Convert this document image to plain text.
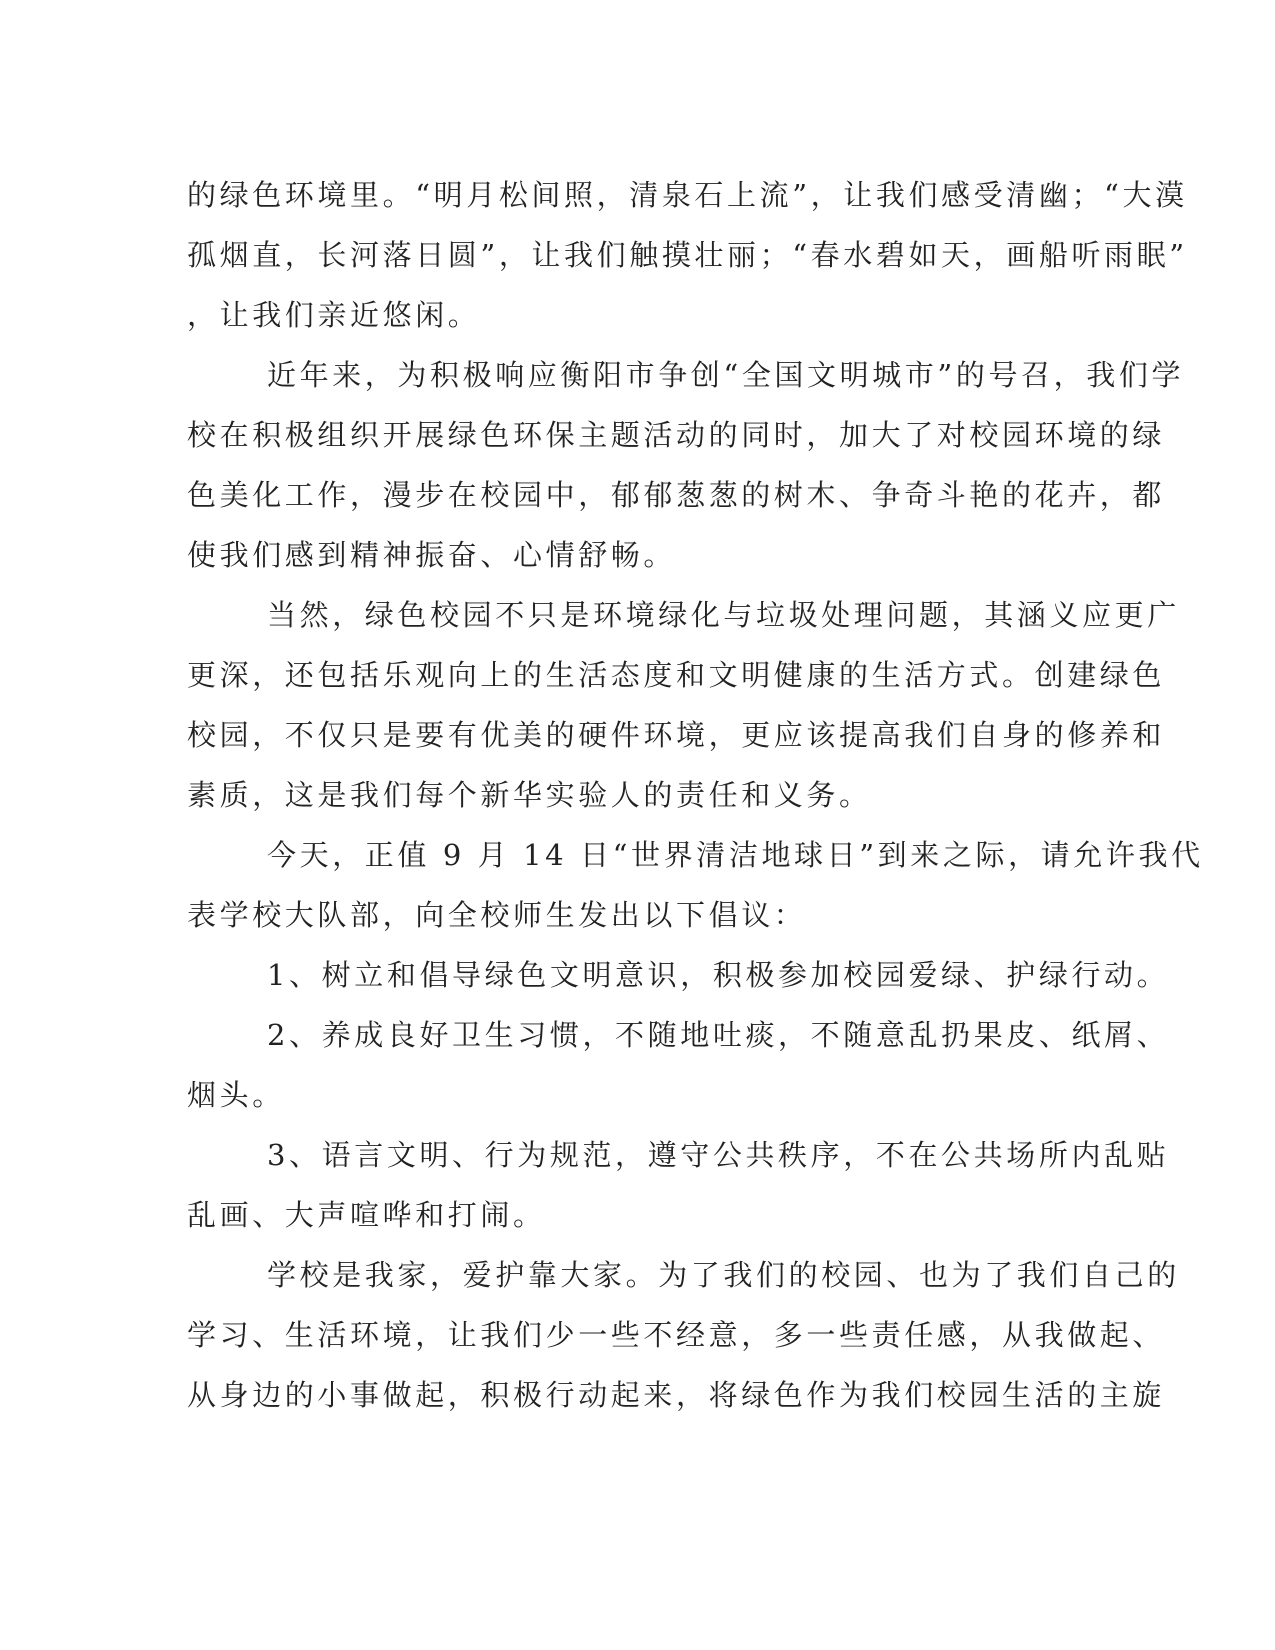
的绿色环境里。“明月松间照，清泉石上流”，让我们感受清幽；“大漠

孤烟直，长河落日圆”，让我们触摸壮丽；“春水碧如天，画船听雨眠”

，让我们亲近悠闲。

近年来，为积极响应衡阳市争创“全国文明城市”的号召，我们学

校在积极组织开展绿色环保主题活动的同时，加大了对校园环境的绿

色美化工作，漫步在校园中，郁郁葱葱的树木、争奇斗艳的花卉，都

使我们感到精神振奋、心情舒畅。

当然，绿色校园不只是环境绿化与垃圾处理问题，其涵义应更广

更深，还包括乐观向上的生活态度和文明健康的生活方式。创建绿色

校园，不仅只是要有优美的硬件环境，更应该提高我们自身的修养和

素质，这是我们每个新华实验人的责任和义务。

今天，正值 9 月 14 日“世界清洁地球日”到来之际，请允许我代

表学校大队部，向全校师生发出以下倡议：

1、树立和倡导绿色文明意识，积极参加校园爱绿、护绿行动。

2、养成良好卫生习惯，不随地吐痰，不随意乱扔果皮、纸屑、

烟头。

3、语言文明、行为规范，遵守公共秩序，不在公共场所内乱贴

乱画、大声喧哗和打闹。

学校是我家，爱护靠大家。为了我们的校园、也为了我们自己的

学习、生活环境，让我们少一些不经意，多一些责任感，从我做起、

从身边的小事做起，积极行动起来，将绿色作为我们校园生活的主旋
